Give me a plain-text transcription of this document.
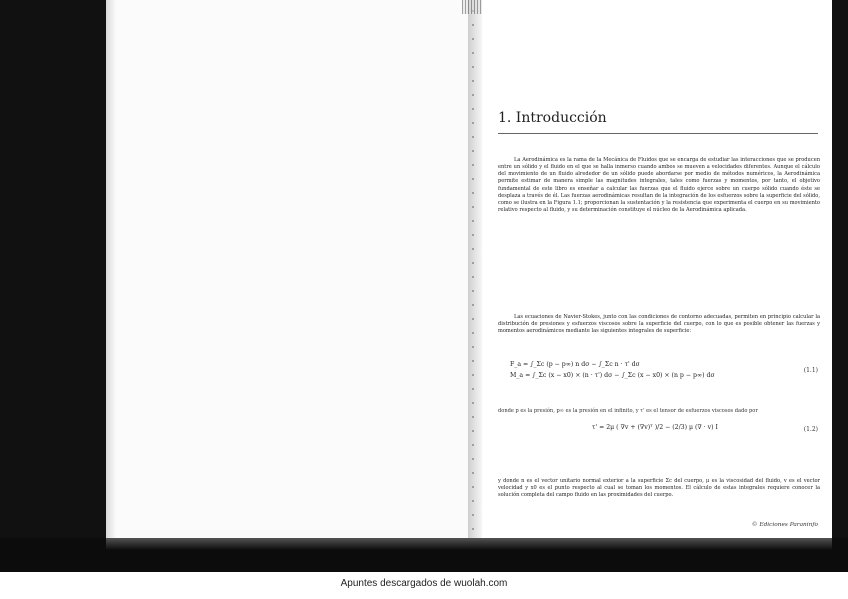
1. Introducción
La Aerodinámica es la rama de la Mecánica de Fluidos que se encarga de estudiar las interacciones que se producen entre un sólido y el fluido en el que se halla inmerso cuando ambos se mueven a velocidades diferentes. Aunque el cálculo del movimiento de un fluido alrededor de un sólido puede abordarse por medio de métodos numéricos, la Aerodinámica permite estimar de manera simple las magnitudes integrales, tales como fuerzas y momentos, por tanto, el objetivo fundamental de este libro es enseñar a calcular las fuerzas que el fluido ejerce sobre un cuerpo sólido cuando éste se desplaza a través de él. Las fuerzas aerodinámicas resultan de la integración de los esfuerzos sobre la superficie del sólido, como se ilustra en la Figura 1.1; proporcionan la sustentación y la resistencia que experimenta el cuerpo en su movimiento relativo respecto al fluido, y su determinación constituye el núcleo de la Aerodinámica aplicada.
Las ecuaciones de Navier-Stokes, junto con las condiciones de contorno adecuadas, permiten en principio calcular la distribución de presiones y esfuerzos viscosos sobre la superficie del cuerpo, con lo que es posible obtener las fuerzas y momentos aerodinámicos mediante las siguientes integrales de superficie:
F_a = ∫_Σc (p − p∞) n dσ − ∫_Σc n · τ' dσ
M_a = ∫_Σc (x − x0) × (n · τ') dσ − ∫_Σc (x − x0) × (n p − p∞) dσ
(1.1)
donde p es la presión, p∞ es la presión en el infinito, y τ' es el tensor de esfuerzos viscosos dado por
τ' = 2μ ( ∇v + (∇v)ᵀ )/2 − (2/3) μ (∇ · v) I	(1.2)
y donde n es el vector unitario normal exterior a la superficie Σc del cuerpo, μ es la viscosidad del fluido, v es el vector velocidad y x0 es el punto respecto al cual se toman los momentos. El cálculo de estas integrales requiere conocer la solución completa del campo fluido en las proximidades del cuerpo.
© Ediciones Paraninfo
Apuntes descargados de wuolah.com
